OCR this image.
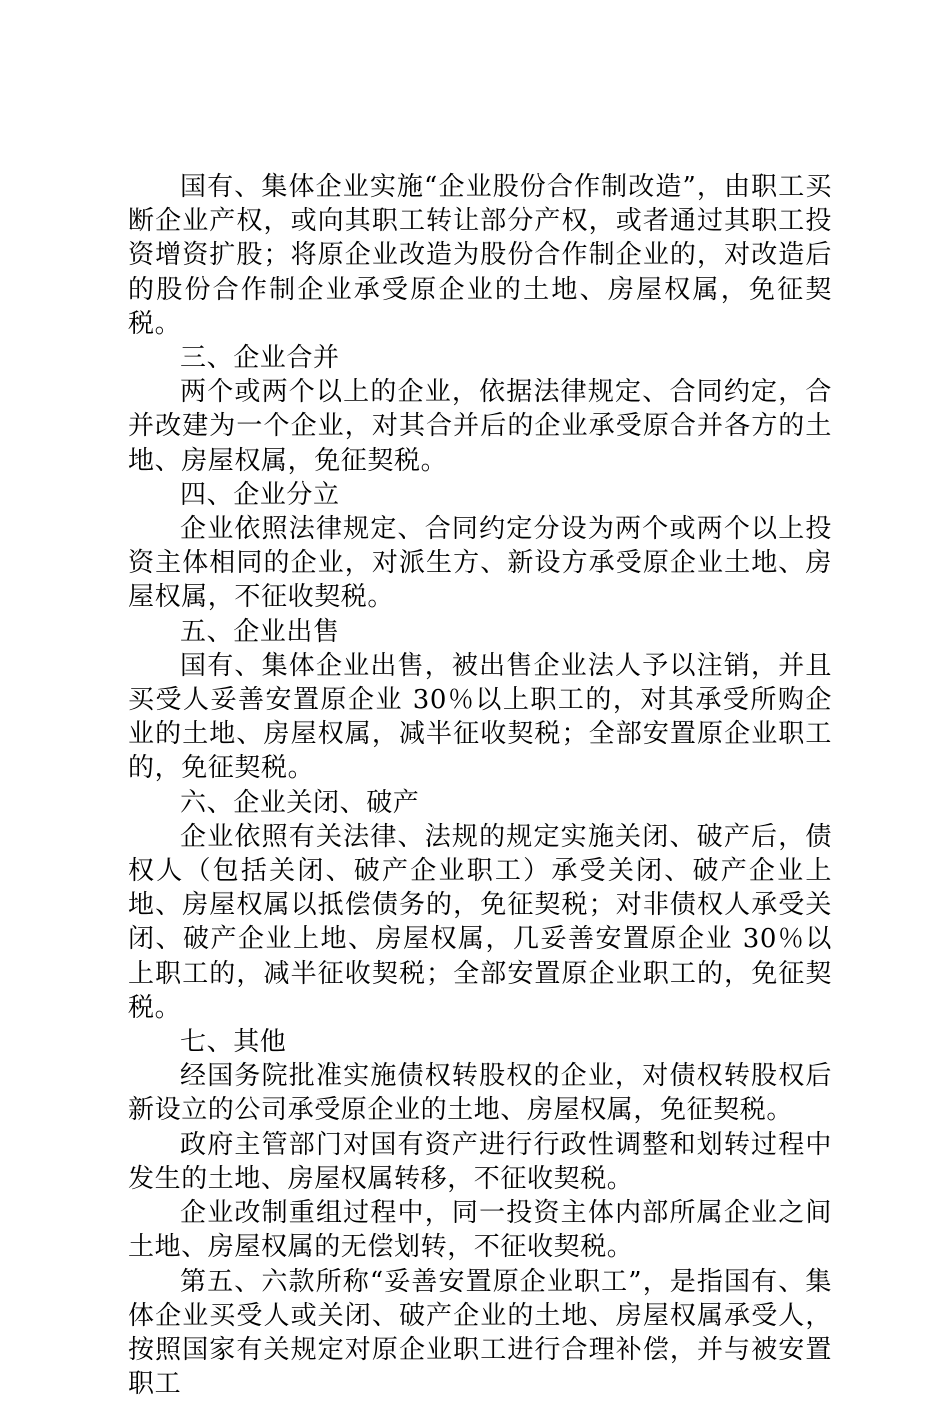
国有、集体企业实施“企业股份合作制改造”，由职工买断企业产权，或向其职工转让部分产权，或者通过其职工投资增资扩股；将原企业改造为股份合作制企业的，对改造后的股份合作制企业承受原企业的土地、房屋权属，免征契税。

三、企业合并

两个或两个以上的企业，依据法律规定、合同约定，合并改建为一个企业，对其合并后的企业承受原合并各方的土地、房屋权属，免征契税。

四、企业分立

企业依照法律规定、合同约定分设为两个或两个以上投资主体相同的企业，对派生方、新设方承受原企业土地、房屋权属，不征收契税。

五、企业出售

国有、集体企业出售，被出售企业法人予以注销，并且买受人妥善安置原企业 30％以上职工的，对其承受所购企业的土地、房屋权属，减半征收契税；全部安置原企业职工的，免征契税。

六、企业关闭、破产

企业依照有关法律、法规的规定实施关闭、破产后，债权人（包括关闭、破产企业职工）承受关闭、破产企业上地、房屋权属以抵偿债务的，免征契税；对非债权人承受关闭、破产企业上地、房屋权属，几妥善安置原企业 30％以上职工的，减半征收契税；全部安置原企业职工的，免征契税。

七、其他

经国务院批准实施债权转股权的企业，对债权转股权后新设立的公司承受原企业的土地、房屋权属，免征契税。

政府主管部门对国有资产进行行政性调整和划转过程中发生的土地、房屋权属转移，不征收契税。

企业改制重组过程中，同一投资主体内部所属企业之间土地、房屋权属的无偿划转，不征收契税。

第五、六款所称“妥善安置原企业职工”，是指国有、集体企业买受人或关闭、破产企业的土地、房屋权属承受人，按照国家有关规定对原企业职工进行合理补偿，并与被安置职工
